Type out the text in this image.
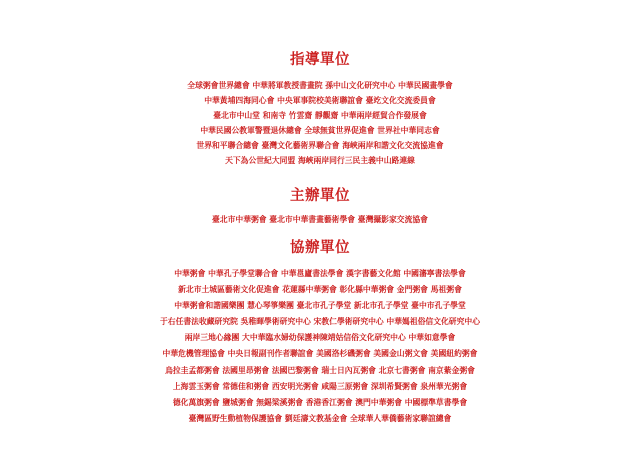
指導單位
全球粥會世界總會 中華將軍教授書畫院 孫中山文化研究中心 中華民國畫學會
中華黃埔四海同心會 中央軍事院校美術聯誼會 臺䇄文化交流委員會
臺北市中山堂 和南寺 竹雲齋 靜觀齋 中華兩岸經貿合作發展會
中華民國公教軍警暨退休總會 全球無貧世界促進會 世界社中華同志會
世界和平聯合總會 臺灣文化藝術界聯合會 海峽兩岸和諧文化交流協進會
天下為公世紀大同盟 海峽兩岸同行三民主義中山路連線
主辦單位
臺北市中華粥會 臺北市中華書畫藝術學會 臺灣攝影家交流協會
協辦單位
中華粥會 中華孔子學堂聯合會 中華邕廬書法學會 漢字書藝文化館 中國瀋寧書法學會
新北市土城區藝術文化促進會 花蓮縣中華粥會 彰化縣中華粥會 金門粥會 馬祖粥會
中華粥會和諧國樂團 慧心琴箏樂團 臺北市孔子學堂 新北市孔子學堂 臺中市孔子學堂
于右任書法收藏研究院 吳稚暉學術研究中心 宋教仁學術研究中心 中華媽祖俗信文化研究中心
兩岸三地心緣團 大中華臨水婦幼保護神陳靖姑信俗文化研究中心 中華如意學會
中華危機管理協會 中央日報副刊作者聯誼會 美國洛杉磯粥會 美國金山粥文會 美國紐約粥會
烏拉圭孟都粥會 法國里昂粥會 法國巴黎粥會 瑞士日內瓦粥會 北京七書粥會 南京紫金粥會
上海雲玉粥會 常德佳和粥會 西安明光粥會 咸陽三原粥會 深圳希賢粥會 泉州華光粥會
德化萬旗粥會 鹽城粥會 無錫梁溪粥會 香港香江粥會 澳門中華粥會 中國標準草書學會
臺灣區野生動植物保護協會 劉廷濤文教基金會 全球華人華僑藝術家聯誼總會
